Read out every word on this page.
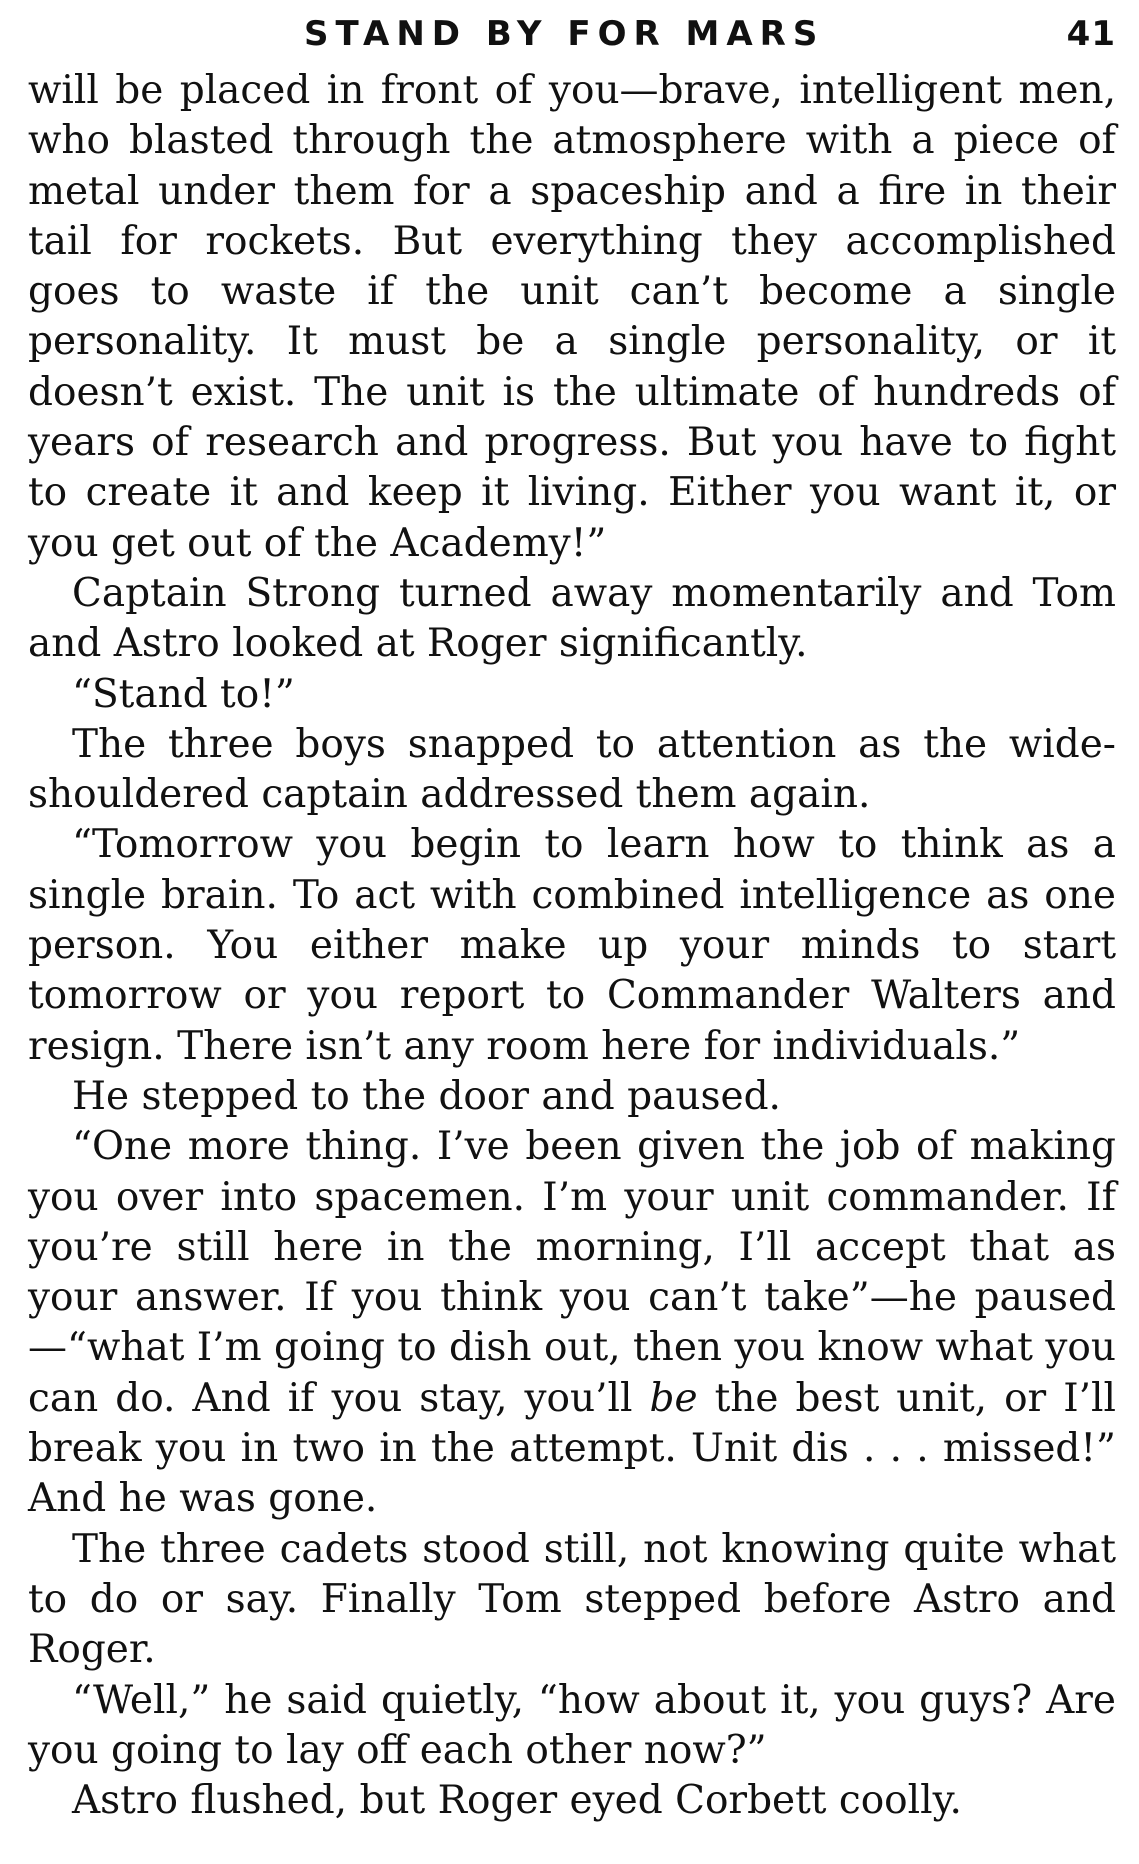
STAND BY FOR MARS	41

will be placed in front of you—brave, intelligent men, who blasted through the atmosphere with a piece of metal under them for a spaceship and a fire in their tail for rockets. But everything they accomplished goes to waste if the unit can’t become a single personality. It must be a single personality, or it doesn’t exist. The unit is the ultimate of hundreds of years of research and progress. But you have to fight to create it and keep it living. Either you want it, or you get out of the Academy!”

Captain Strong turned away momentarily and Tom and Astro looked at Roger significantly.

“Stand to!”

The three boys snapped to attention as the wide-shouldered captain addressed them again.

“Tomorrow you begin to learn how to think as a single brain. To act with combined intelligence as one person. You either make up your minds to start tomorrow or you report to Commander Walters and resign. There isn’t any room here for individuals.”

He stepped to the door and paused.

“One more thing. I’ve been given the job of making you over into spacemen. I’m your unit commander. If you’re still here in the morning, I’ll accept that as your answer. If you think you can’t take”—he paused—“what I’m going to dish out, then you know what you can do. And if you stay, you’ll be the best unit, or I’ll break you in two in the attempt. Unit dis . . . missed!” And he was gone.

The three cadets stood still, not knowing quite what to do or say. Finally Tom stepped before Astro and Roger.

“Well,” he said quietly, “how about it, you guys? Are you going to lay off each other now?”

Astro flushed, but Roger eyed Corbett coolly.
